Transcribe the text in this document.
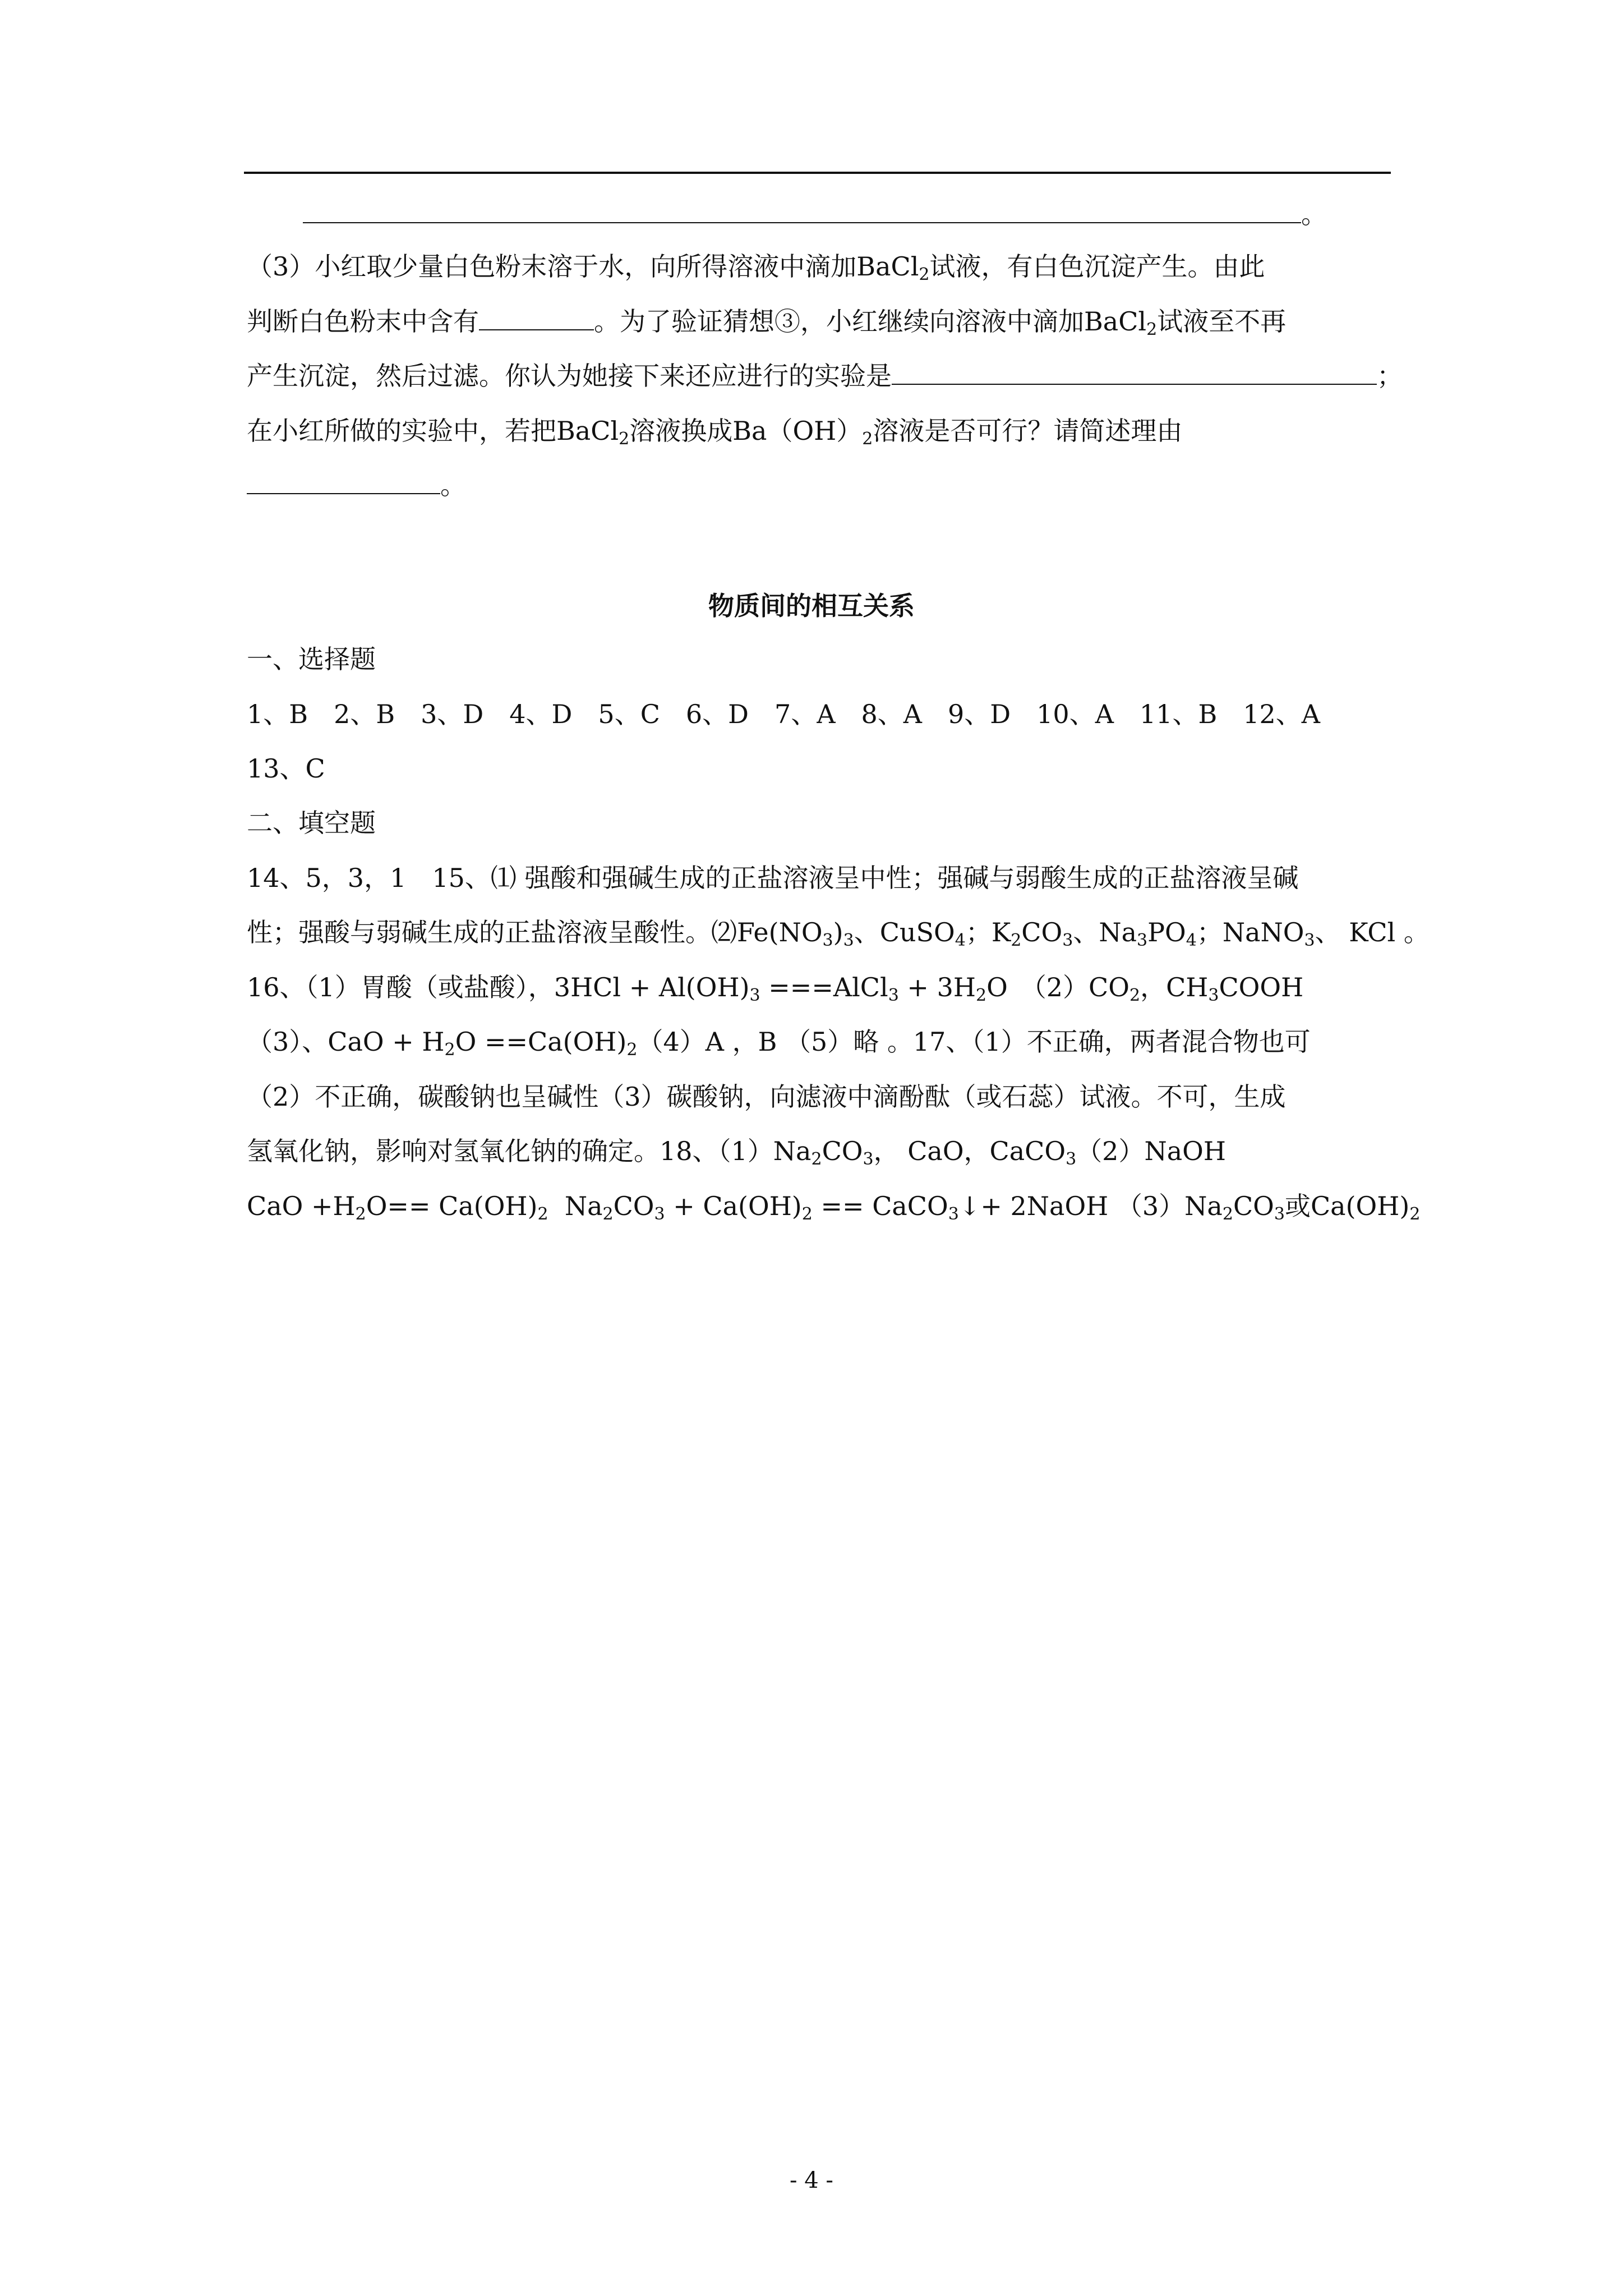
。
（3）小红取少量白色粉末溶于水，向所得溶液中滴加BaCl$_2$试液，有白色沉淀产生。由此
判断白色粉末中含有	。为了验证猜想③，小红继续向溶液中滴加BaCl$_2$试液至不再
产生沉淀，然后过滤。你认为她接下来还应进行的实验是	；
在小红所做的实验中，若把BaCl$_2$溶液换成$Ba(OH)_2$溶液是否可行？请简述理由
。
物质间的相互关系
一、选择题
1、B　2、B　3、D　4、D　5、C　6、D　7、A　8、A　9、D　10、A　11、B　12、A
13、C
二、填空题
14、5，3，1　15、⑴ 强酸和强碱生成的正盐溶液呈中性；强碱与弱酸生成的正盐溶液呈碱
性；强酸与弱碱生成的正盐溶液呈酸性。$⑵Fe(NO_3)_3$、CuSO$_4$；$K_2CO_3$、$Na_3PO_4$；NaNO$_3$、 KCl 。
16、（1）胃酸（或盐酸），$3HCl + Al(OH)_3$ ===AlCl$_3$ + $3H_2O$　$(2)CO_2$，$CH_3COOH$
（3）、CaO + $H_2O ==Ca(OH)_2(4)A$ ，B （5）略 。17、（1）不正确，两者混合物也可
（2）不正确，碳酸钠也呈碱性（3）碳酸钠，向滤液中滴酚酞（或石蕊）试液。不可，生成
氢氧化钠，影响对氢氧化钠的确定。18、$(1)Na_2CO_3$， CaO，CaCO$_3$（2）NaOH
CaO $+H_2O== Ca(OH)_2$ $Na_2CO_3 + Ca(OH)_2$ == CaCO$_3$↓+ 2NaOH $(3)Na_2CO_3$或$Ca(OH)_2$
- 4 -
